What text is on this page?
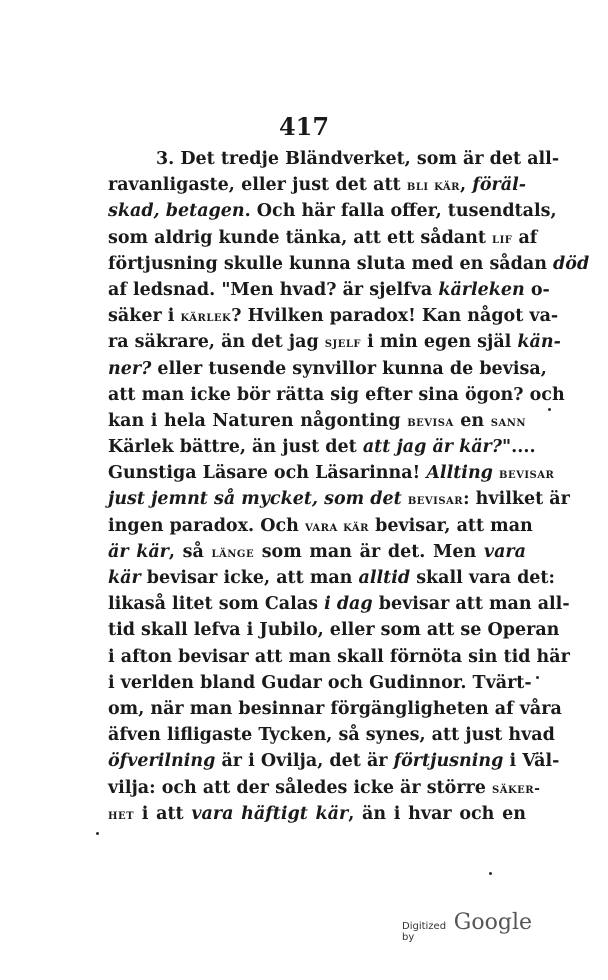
417
3. Det tredje Bländverket, som är det all-
ravanligaste, eller just det att bli kär, föräl-
skad, betagen. Och här falla offer, tusendtals,
som aldrig kunde tänka, att ett sådant lif af
förtjusning skulle kunna sluta med en sådan död
af ledsnad. "Men hvad? är sjelfva kärleken o-
säker i kärlek? Hvilken paradox! Kan något va-
ra säkrare, än det jag sjelf i min egen själ kän-
ner? eller tusende synvillor kunna de bevisa,
att man icke bör rätta sig efter sina ögon? och
kan i hela Naturen någonting bevisa en sann
Kärlek bättre, än just det att jag är kär?"....
Gunstiga Läsare och Läsarinna! Allting bevisar
just jemnt så mycket, som det bevisar: hvilket är
ingen paradox. Och vara kär bevisar, att man
är kär, så länge som man är det. Men vara
kär bevisar icke, att man alltid skall vara det:
likaså litet som Calas i dag bevisar att man all-
tid skall lefva i Jubilo, eller som att se Operan
i afton bevisar att man skall förnöta sin tid här
i verlden bland Gudar och Gudinnor. Tvärt-
om, när man besinnar förgängligheten af våra
äfven lifligaste Tycken, så synes, att just hvad
öfverilning är i Ovilja, det är förtjusning i Väl-
vilja: och att der således icke är större säker-
het i att vara häftigt kär, än i hvar och en
Digitized by
Google
